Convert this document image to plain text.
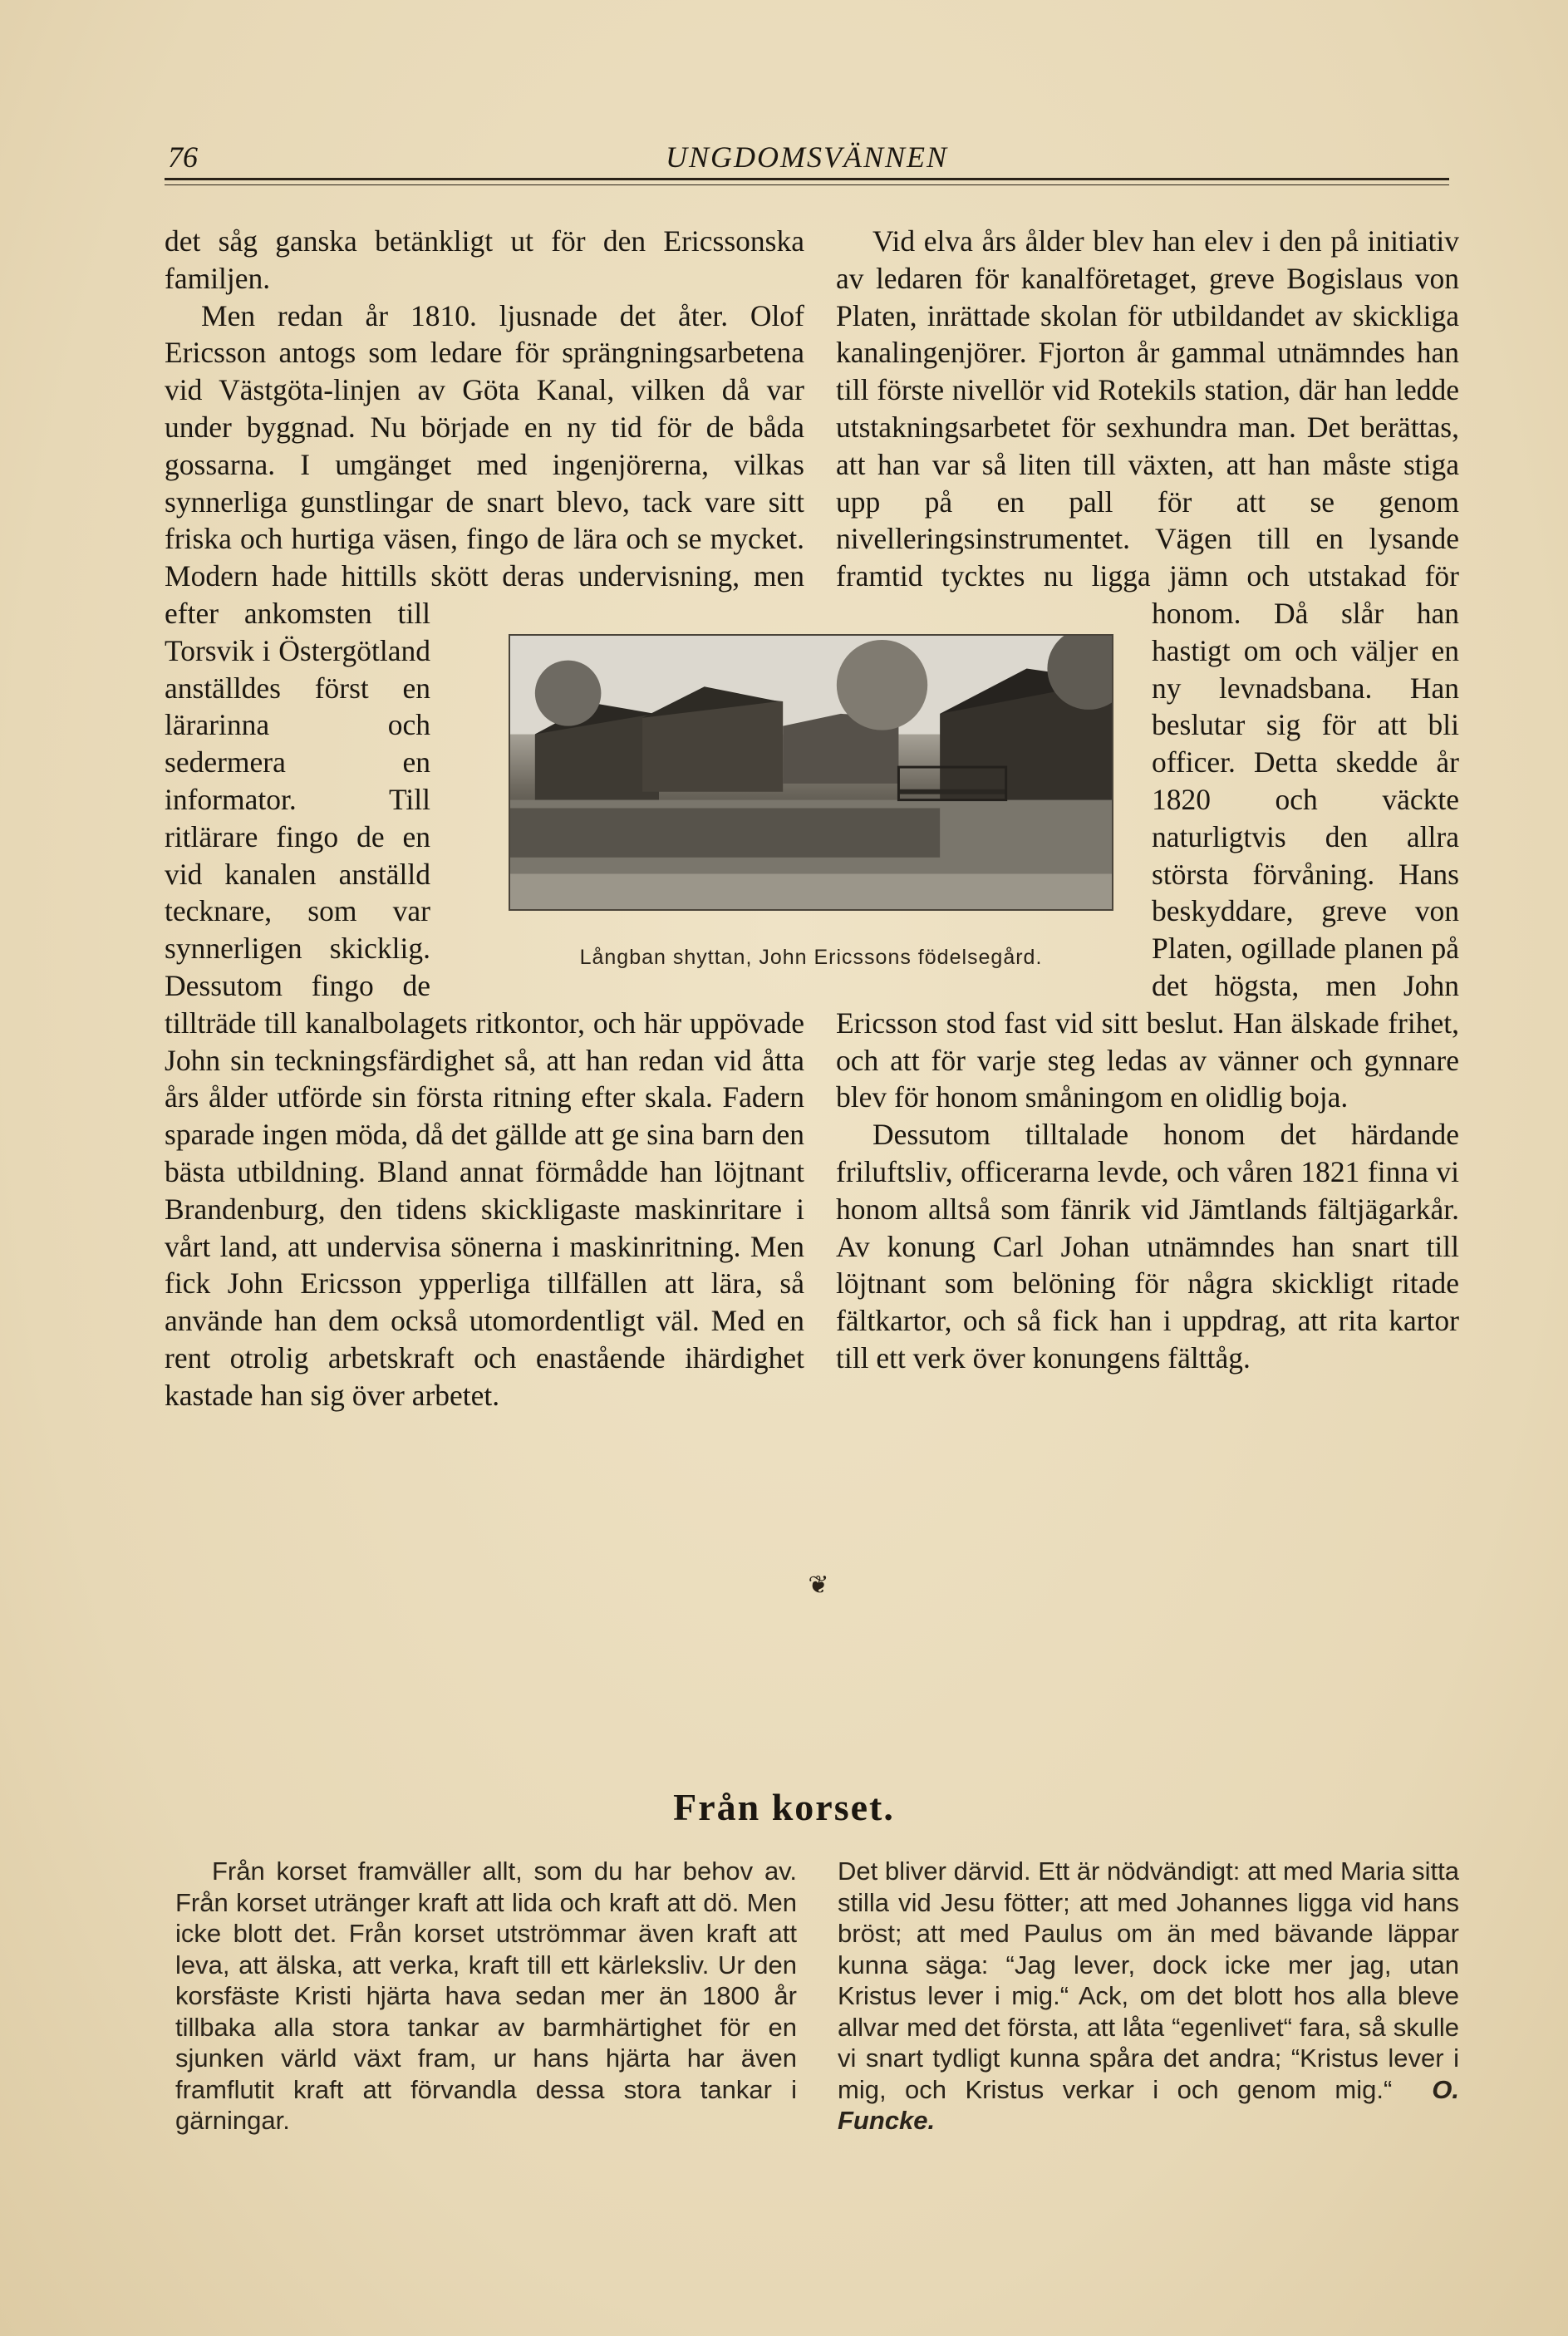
76	UNGDOMSVÄNNEN

det såg ganska betänkligt ut för den Ericssonska familjen.

Men redan år 1810. ljusnade det åter. Olof Ericsson antogs som ledare för sprängningsarbetena vid Västgöta-linjen av Göta Kanal, vilken då var under byggnad. Nu började en ny tid för de båda gossarna. I umgänget med ingenjörerna, vilkas synnerliga gunstlingar de snart blevo, tack vare sitt friska och hurtiga väsen, fingo de lära och se mycket. Modern hade hittills skött deras undervisning, men efter ankomsten till Torsvik i Östergötland anställdes först en lärarinna och sedermera en informator. Till ritlärare fingo de en vid kanalen anställd tecknare, som var synnerligen skicklig. Dessutom fingo de tillträde till kanalbolagets ritkontor, och här uppövade John sin teckningsfärdighet så, att han redan vid åtta års ålder utförde sin första ritning efter skala. Fadern sparade ingen möda, då det gällde att ge sina barn den bästa utbildning. Bland annat förmådde han löjtnant Brandenburg, den tidens skickligaste maskinritare i vårt land, att undervisa sönerna i maskinritning. Men fick John Ericsson ypperliga tillfällen att lära, så använde han dem också utomordentligt väl. Med en rent otrolig arbetskraft och enastående ihärdighet kastade han sig över arbetet.

Vid elva års ålder blev han elev i den på initiativ av ledaren för kanalföretaget, greve Bogislaus von Platen, inrättade skolan för utbildandet av skickliga kanalingenjörer. Fjorton år gammal utnämndes han till förste nivellör vid Rotekils station, där han ledde utstakningsarbetet för sexhundra man. Det berättas, att han var så liten till växten, att han måste stiga upp på en pall för att se genom nivelleringsinstrumentet. Vägen till en lysande framtid tycktes nu ligga jämn och utstakad för honom. Då slår han hastigt om och väljer en ny levnadsbana. Han beslutar sig för att bli officer. Detta skedde år 1820 och väckte naturligtvis den allra största förvåning. Hans beskyddare, greve von Platen, ogillade planen på det högsta, men John Ericsson stod fast vid sitt beslut. Han älskade frihet, och att för varje steg ledas av vänner och gynnare blev för honom småningom en olidlig boja.

Dessutom tilltalade honom det härdande friluftsliv, officerarna levde, och våren 1821 finna vi honom alltså som fänrik vid Jämtlands fältjägarkår. Av konung Carl Johan utnämndes han snart till löjtnant som belöning för några skickligt ritade fältkartor, och så fick han i uppdrag, att rita kartor till ett verk över konungens fälttåg.

Långban shyttan, John Ericssons födelsegård.
❦
Från korset.

Från korset framväller allt, som du har behov av. Från korset utränger kraft att lida och kraft att dö. Men icke blott det. Från korset utströmmar även kraft att leva, att älska, att verka, kraft till ett kärleksliv. Ur den korsfäste Kristi hjärta hava sedan mer än 1800 år tillbaka alla stora tankar av barmhärtighet för en sjunken värld växt fram, ur hans hjärta har även framflutit kraft att förvandla dessa stora tankar i gärningar.

Det bliver därvid. Ett är nödvändigt: att med Maria sitta stilla vid Jesu fötter; att med Johannes ligga vid hans bröst; att med Paulus om än med bävande läppar kunna säga: “Jag lever, dock icke mer jag, utan Kristus lever i mig.“ Ack, om det blott hos alla bleve allvar med det första, att låta “egenlivet“ fara, så skulle vi snart tydligt kunna spåra det andra; “Kristus lever i mig, och Kristus verkar i och genom mig.“ O. Funcke.
